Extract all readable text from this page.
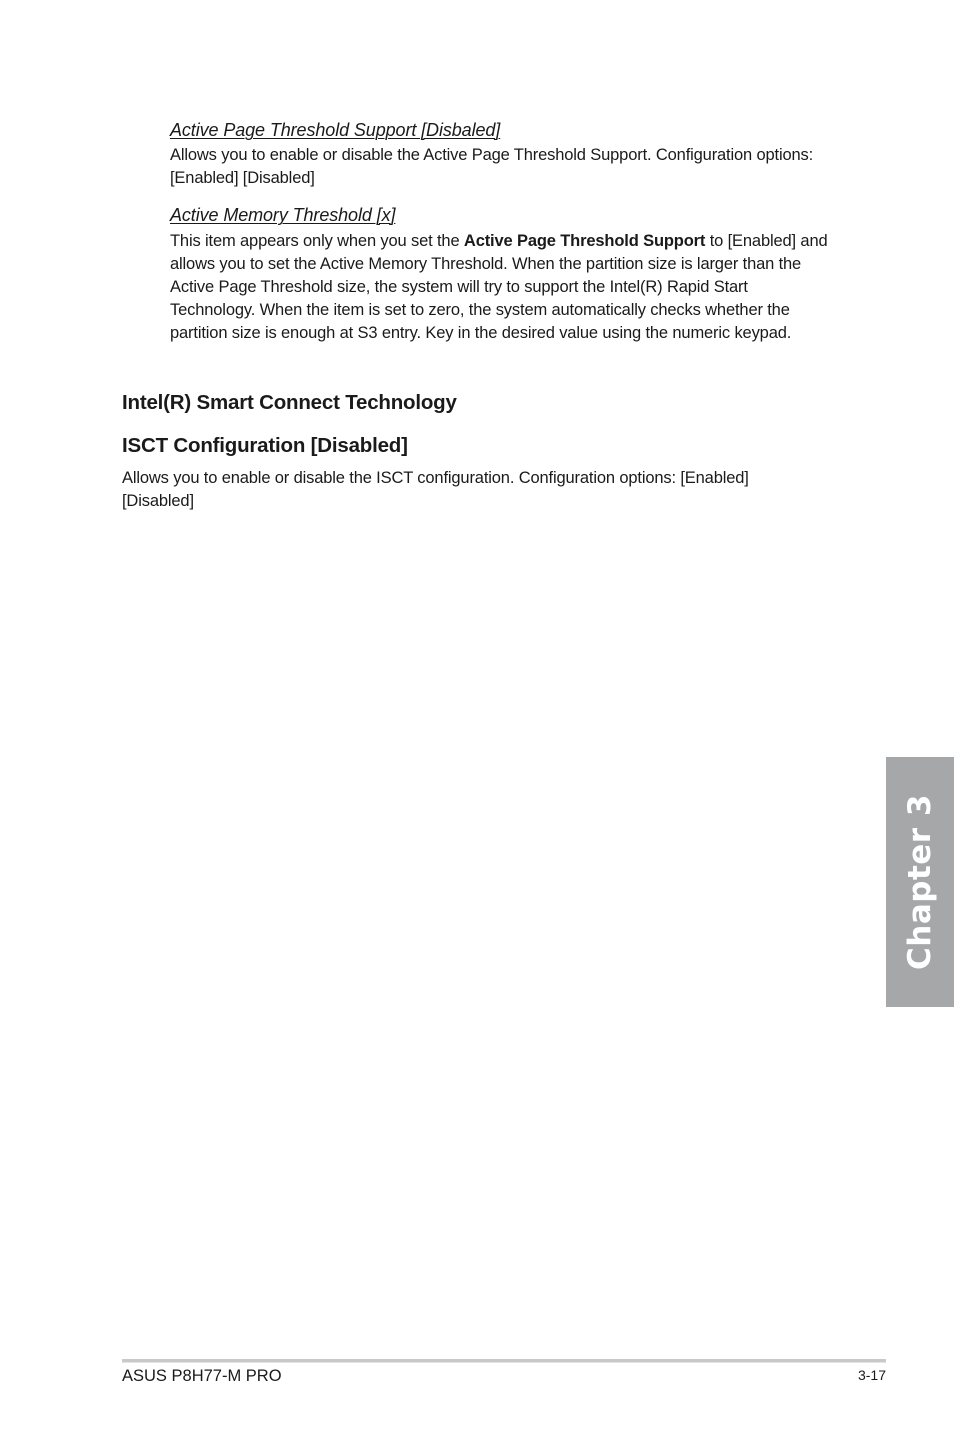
Active Page Threshold Support [Disbaled]
Allows you to enable or disable the Active Page Threshold Support. Configuration options: [Enabled] [Disabled]
Active Memory Threshold [x]
This item appears only when you set the Active Page Threshold Support to [Enabled] and allows you to set the Active Memory Threshold. When the partition size is larger than the Active Page Threshold size, the system will try to support the Intel(R) Rapid Start Technology. When the item is set to zero, the system automatically checks whether the partition size is enough at S3 entry. Key in the desired value using the numeric keypad.
Intel(R) Smart Connect Technology
ISCT Configuration [Disabled]
Allows you to enable or disable the ISCT configuration. Configuration options: [Enabled] [Disabled]
Chapter 3
ASUS P8H77-M PRO	3-17
